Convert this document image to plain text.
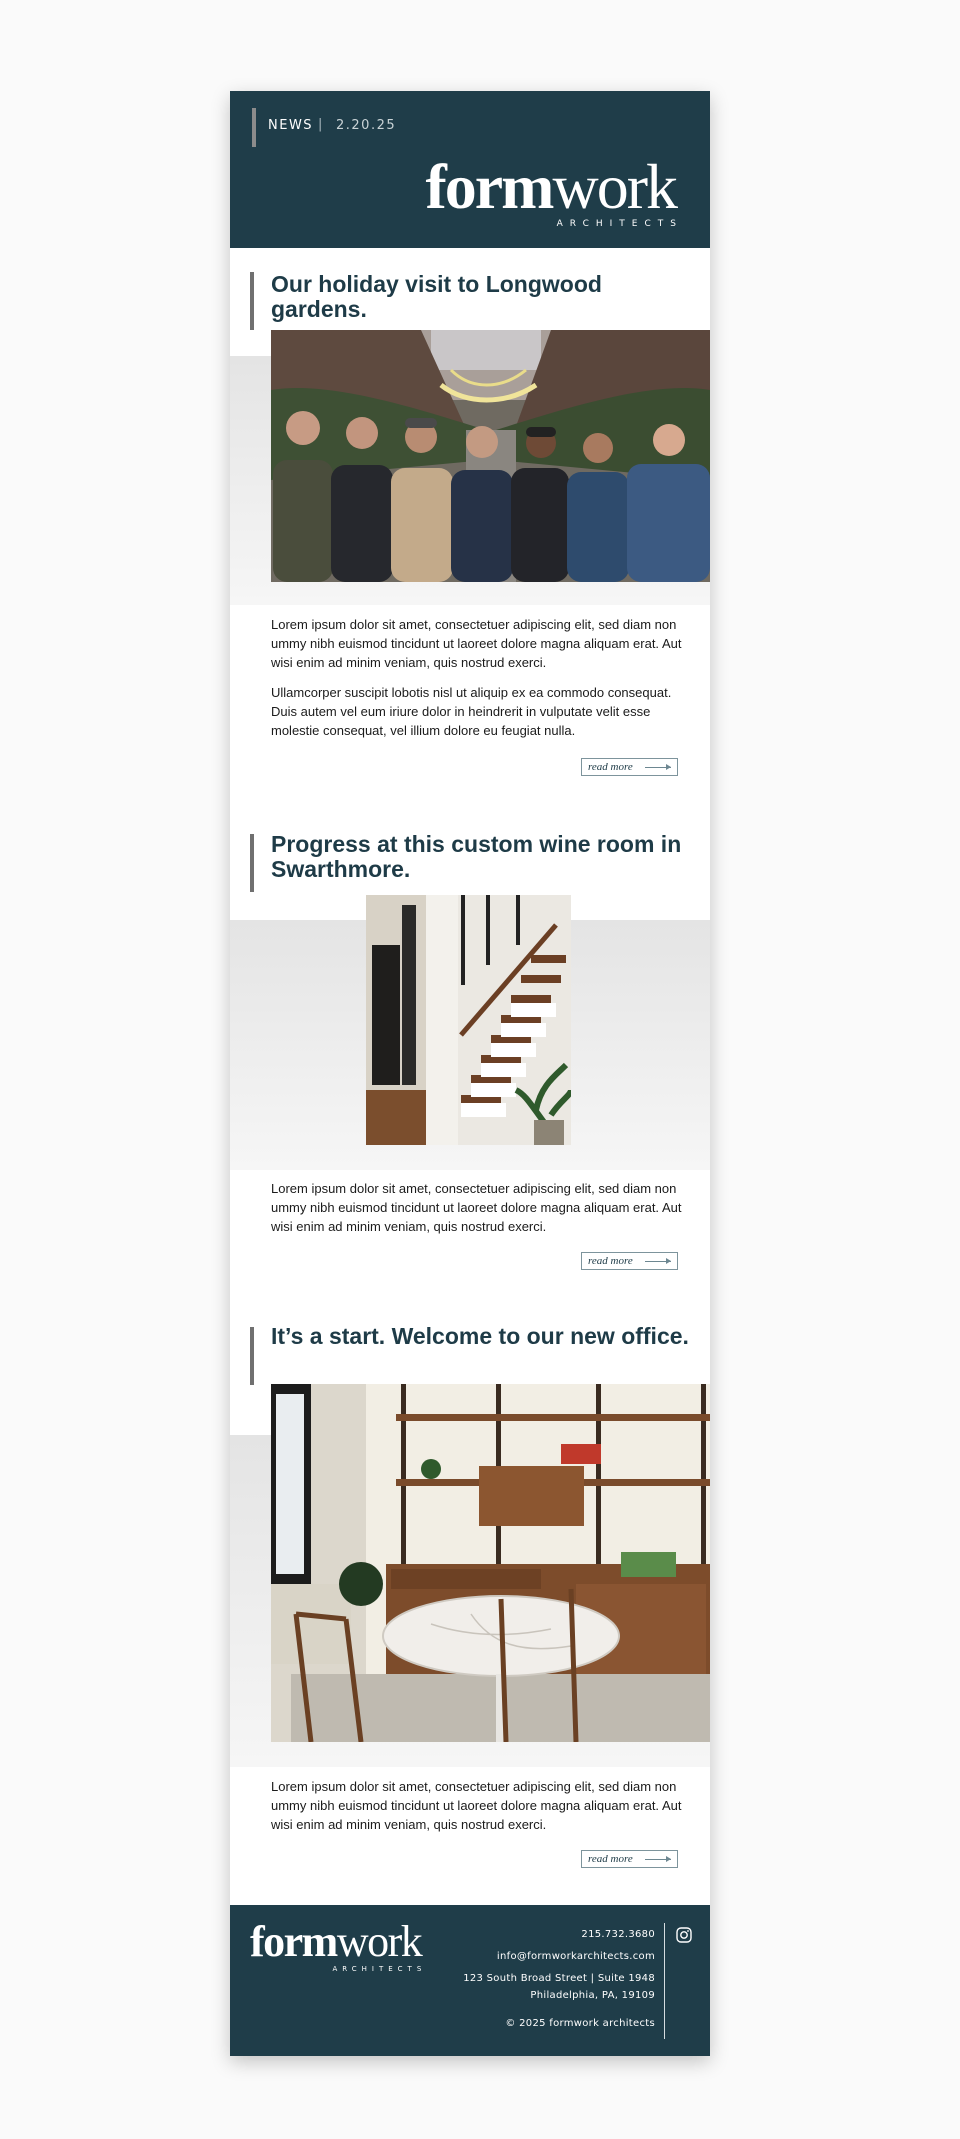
NEWS | 2.20.25
formwork
ARCHITECTS
Our holiday visit to Longwood gardens.
Lorem ipsum dolor sit amet, consectetuer adipiscing elit, sed diam non ummy nibh euismod tincidunt ut laoreet dolore magna aliquam erat. Aut wisi enim ad minim veniam, quis nostrud exerci.
Ullamcorper suscipit lobotis nisl ut aliquip ex ea commodo consequat. Duis autem vel eum iriure dolor in heindrerit in vulputate velit esse molestie consequat, vel illium dolore eu feugiat nulla.
read more
Progress at this custom wine room in Swarthmore.
Lorem ipsum dolor sit amet, consectetuer adipiscing elit, sed diam non ummy nibh euismod tincidunt ut laoreet dolore magna aliquam erat. Aut wisi enim ad minim veniam, quis nostrud exerci.
read more
It’s a start. Welcome to our new office.
Lorem ipsum dolor sit amet, consectetuer adipiscing elit, sed diam non ummy nibh euismod tincidunt ut laoreet dolore magna aliquam erat. Aut wisi enim ad minim veniam, quis nostrud exerci.
read more
formwork
ARCHITECTS
215.732.3680
info@formworkarchitects.com
123 South Broad Street | Suite 1948
Philadelphia, PA, 19109
© 2025 formwork architects
